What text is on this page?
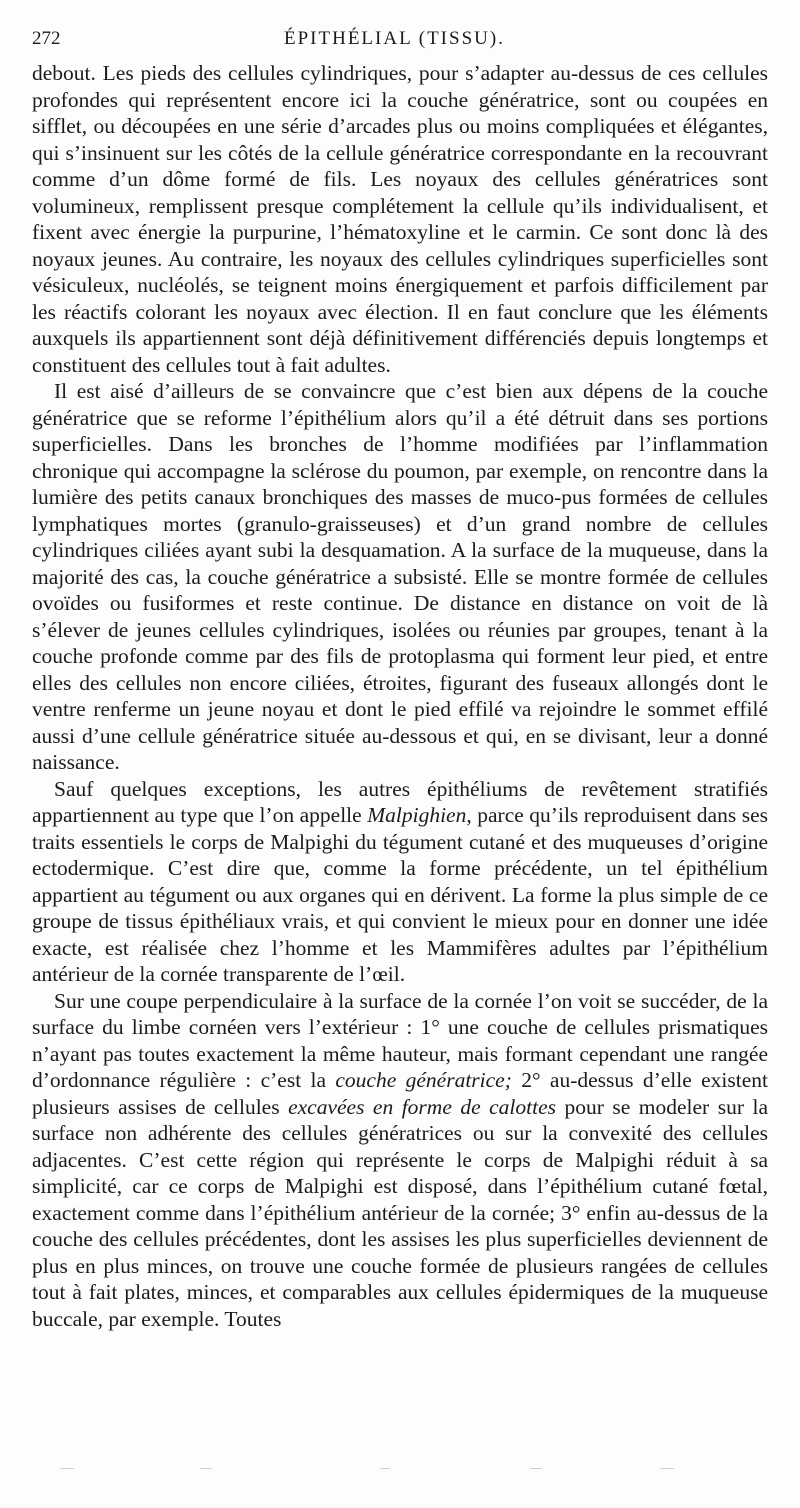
272	ÉPITHÉLIAL (TISSU).

debout. Les pieds des cellules cylindriques, pour s’adapter au-dessus de ces cellules profondes qui représentent encore ici la couche génératrice, sont ou coupées en sifflet, ou découpées en une série d’arcades plus ou moins compliquées et élégantes, qui s’insinuent sur les côtés de la cellule génératrice correspondante en la recouvrant comme d’un dôme formé de fils. Les noyaux des cellules génératrices sont volumineux, remplissent presque complétement la cellule qu’ils individualisent, et fixent avec énergie la purpurine, l’hématoxyline et le carmin. Ce sont donc là des noyaux jeunes. Au contraire, les noyaux des cellules cylindriques superficielles sont vésiculeux, nucléolés, se teignent moins énergiquement et parfois difficilement par les réactifs colorant les noyaux avec élection. Il en faut conclure que les éléments auxquels ils appartiennent sont déjà définitivement différenciés depuis longtemps et constituent des cellules tout à fait adultes.

Il est aisé d’ailleurs de se convaincre que c’est bien aux dépens de la couche génératrice que se reforme l’épithélium alors qu’il a été détruit dans ses portions superficielles. Dans les bronches de l’homme modifiées par l’inflammation chronique qui accompagne la sclérose du poumon, par exemple, on rencontre dans la lumière des petits canaux bronchiques des masses de muco-pus formées de cellules lymphatiques mortes (granulo-graisseuses) et d’un grand nombre de cellules cylindriques ciliées ayant subi la desquamation. A la surface de la muqueuse, dans la majorité des cas, la couche génératrice a subsisté. Elle se montre formée de cellules ovoïdes ou fusiformes et reste continue. De distance en distance on voit de là s’élever de jeunes cellules cylindriques, isolées ou réunies par groupes, tenant à la couche profonde comme par des fils de protoplasma qui forment leur pied, et entre elles des cellules non encore ciliées, étroites, figurant des fuseaux allongés dont le ventre renferme un jeune noyau et dont le pied effilé va rejoindre le sommet effilé aussi d’une cellule génératrice située au-dessous et qui, en se divisant, leur a donné naissance.

Sauf quelques exceptions, les autres épithéliums de revêtement stratifiés appartiennent au type que l’on appelle Malpighien, parce qu’ils reproduisent dans ses traits essentiels le corps de Malpighi du tégument cutané et des muqueuses d’origine ectodermique. C’est dire que, comme la forme précédente, un tel épithélium appartient au tégument ou aux organes qui en dérivent. La forme la plus simple de ce groupe de tissus épithéliaux vrais, et qui convient le mieux pour en donner une idée exacte, est réalisée chez l’homme et les Mammifères adultes par l’épithélium antérieur de la cornée transparente de l’œil.

Sur une coupe perpendiculaire à la surface de la cornée l’on voit se succéder, de la surface du limbe cornéen vers l’extérieur : 1° une couche de cellules prismatiques n’ayant pas toutes exactement la même hauteur, mais formant cependant une rangée d’ordonnance régulière : c’est la couche génératrice; 2° au-dessus d’elle existent plusieurs assises de cellules excavées en forme de calottes pour se modeler sur la surface non adhérente des cellules génératrices ou sur la convexité des cellules adjacentes. C’est cette région qui représente le corps de Malpighi réduit à sa simplicité, car ce corps de Malpighi est disposé, dans l’épithélium cutané fœtal, exactement comme dans l’épithélium antérieur de la cornée; 3° enfin au-dessus de la couche des cellules précédentes, dont les assises les plus superficielles deviennent de plus en plus minces, on trouve une couche formée de plusieurs rangées de cellules tout à fait plates, minces, et comparables aux cellules épidermiques de la muqueuse buccale, par exemple. Toutes
